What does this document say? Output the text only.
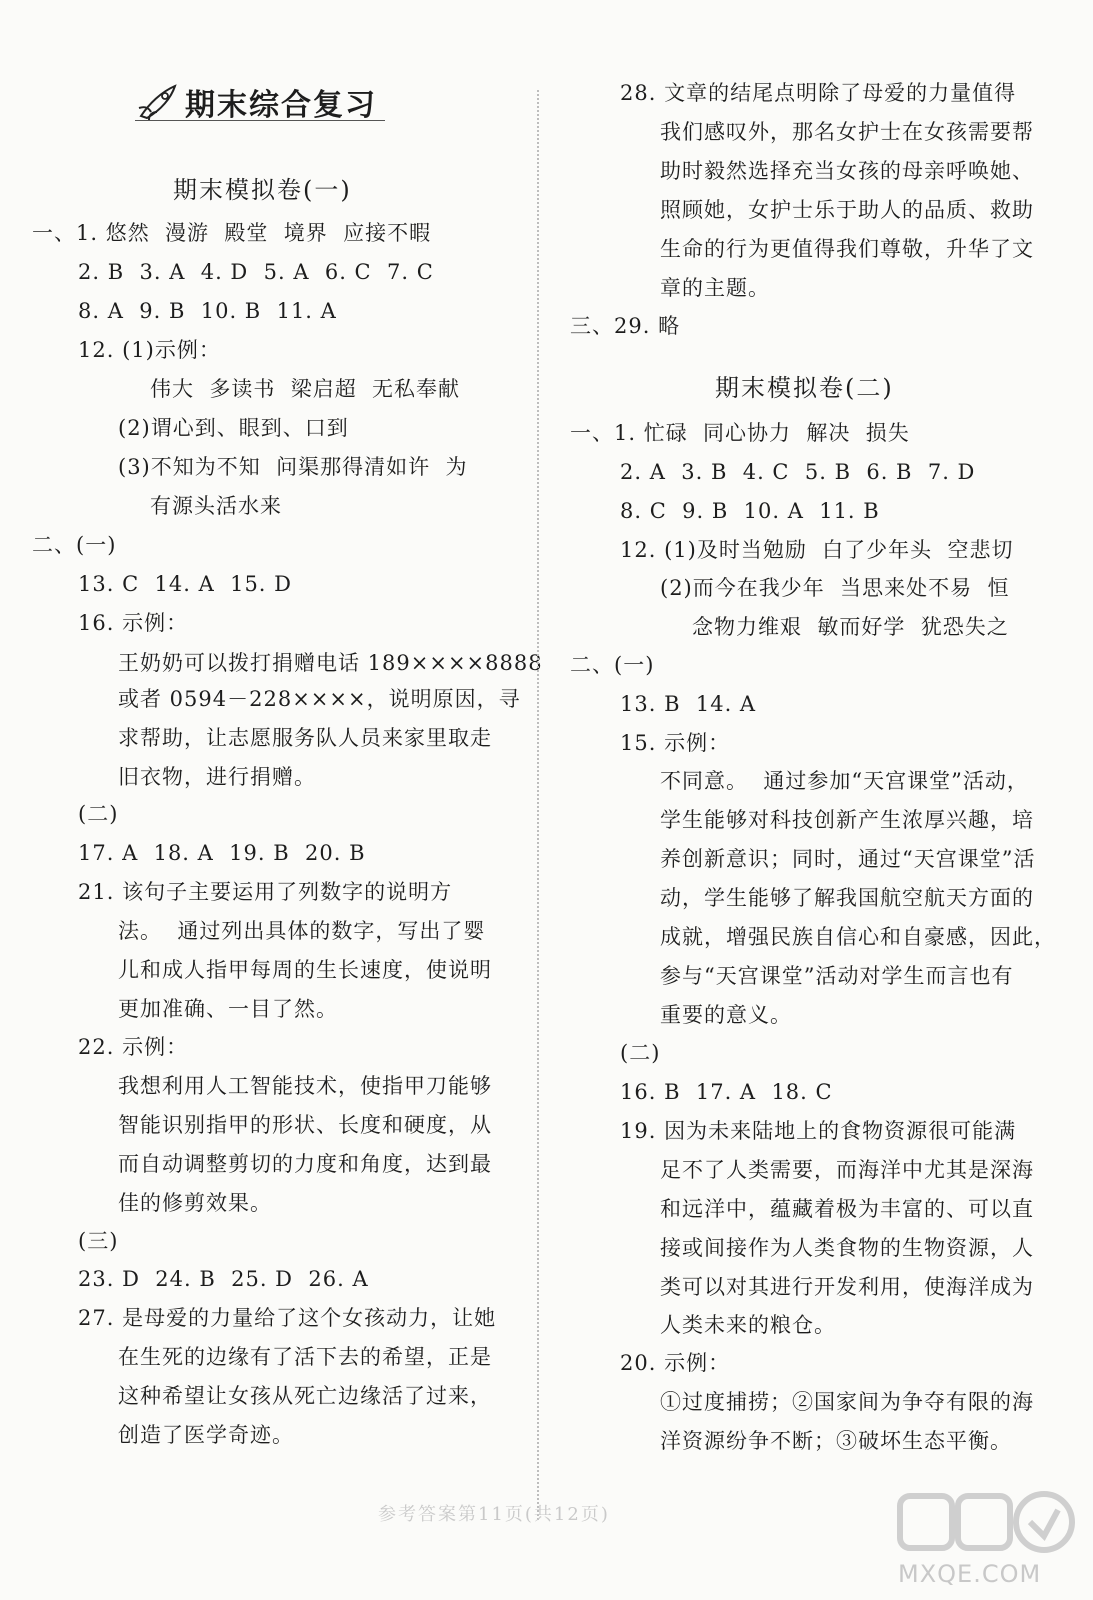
期末综合复习
期末模拟卷(一)
一、1. 悠然  漫游  殿堂  境界  应接不暇
2. B  3. A  4. D  5. A  6. C  7. C
8. A  9. B  10. B  11. A
12. (1)示例：
伟大  多读书  梁启超  无私奉献
(2)谓心到、眼到、口到
(3)不知为不知  问渠那得清如许  为
有源头活水来
二、(一)
13. C  14. A  15. D
16. 示例：
王奶奶可以拨打捐赠电话 189××××8888
或者 0594－228××××，说明原因，寻
求帮助，让志愿服务队人员来家里取走
旧衣物，进行捐赠。
(二)
17. A  18. A  19. B  20. B
21. 该句子主要运用了列数字的说明方
法。  通过列出具体的数字，写出了婴
儿和成人指甲每周的生长速度，使说明
更加准确、一目了然。
22. 示例：
我想利用人工智能技术，使指甲刀能够
智能识别指甲的形状、长度和硬度，从
而自动调整剪切的力度和角度，达到最
佳的修剪效果。
(三)
23. D  24. B  25. D  26. A
27. 是母爱的力量给了这个女孩动力，让她
在生死的边缘有了活下去的希望，正是
这种希望让女孩从死亡边缘活了过来，
创造了医学奇迹。
28. 文章的结尾点明除了母爱的力量值得
我们感叹外，那名女护士在女孩需要帮
助时毅然选择充当女孩的母亲呼唤她、
照顾她，女护士乐于助人的品质、救助
生命的行为更值得我们尊敬，升华了文
章的主题。
三、29. 略
期末模拟卷(二)
一、1. 忙碌  同心协力  解决  损失
2. A  3. B  4. C  5. B  6. B  7. D
8. C  9. B  10. A  11. B
12. (1)及时当勉励  白了少年头  空悲切
(2)而今在我少年  当思来处不易  恒
念物力维艰  敏而好学  犹恐失之
二、(一)
13. B  14. A
15. 示例：
不同意。  通过参加“天宫课堂”活动，
学生能够对科技创新产生浓厚兴趣，培
养创新意识；同时，通过“天宫课堂”活
动，学生能够了解我国航空航天方面的
成就，增强民族自信心和自豪感，因此，
参与“天宫课堂”活动对学生而言也有
重要的意义。
(二)
16. B  17. A  18. C
19. 因为未来陆地上的食物资源很可能满
足不了人类需要，而海洋中尤其是深海
和远洋中，蕴藏着极为丰富的、可以直
接或间接作为人类食物的生物资源，人
类可以对其进行开发利用，使海洋成为
人类未来的粮仓。
20. 示例：
①过度捕捞；②国家间为争夺有限的海
洋资源纷争不断；③破坏生态平衡。
参考答案第11页(共12页)
MXQE.COM
